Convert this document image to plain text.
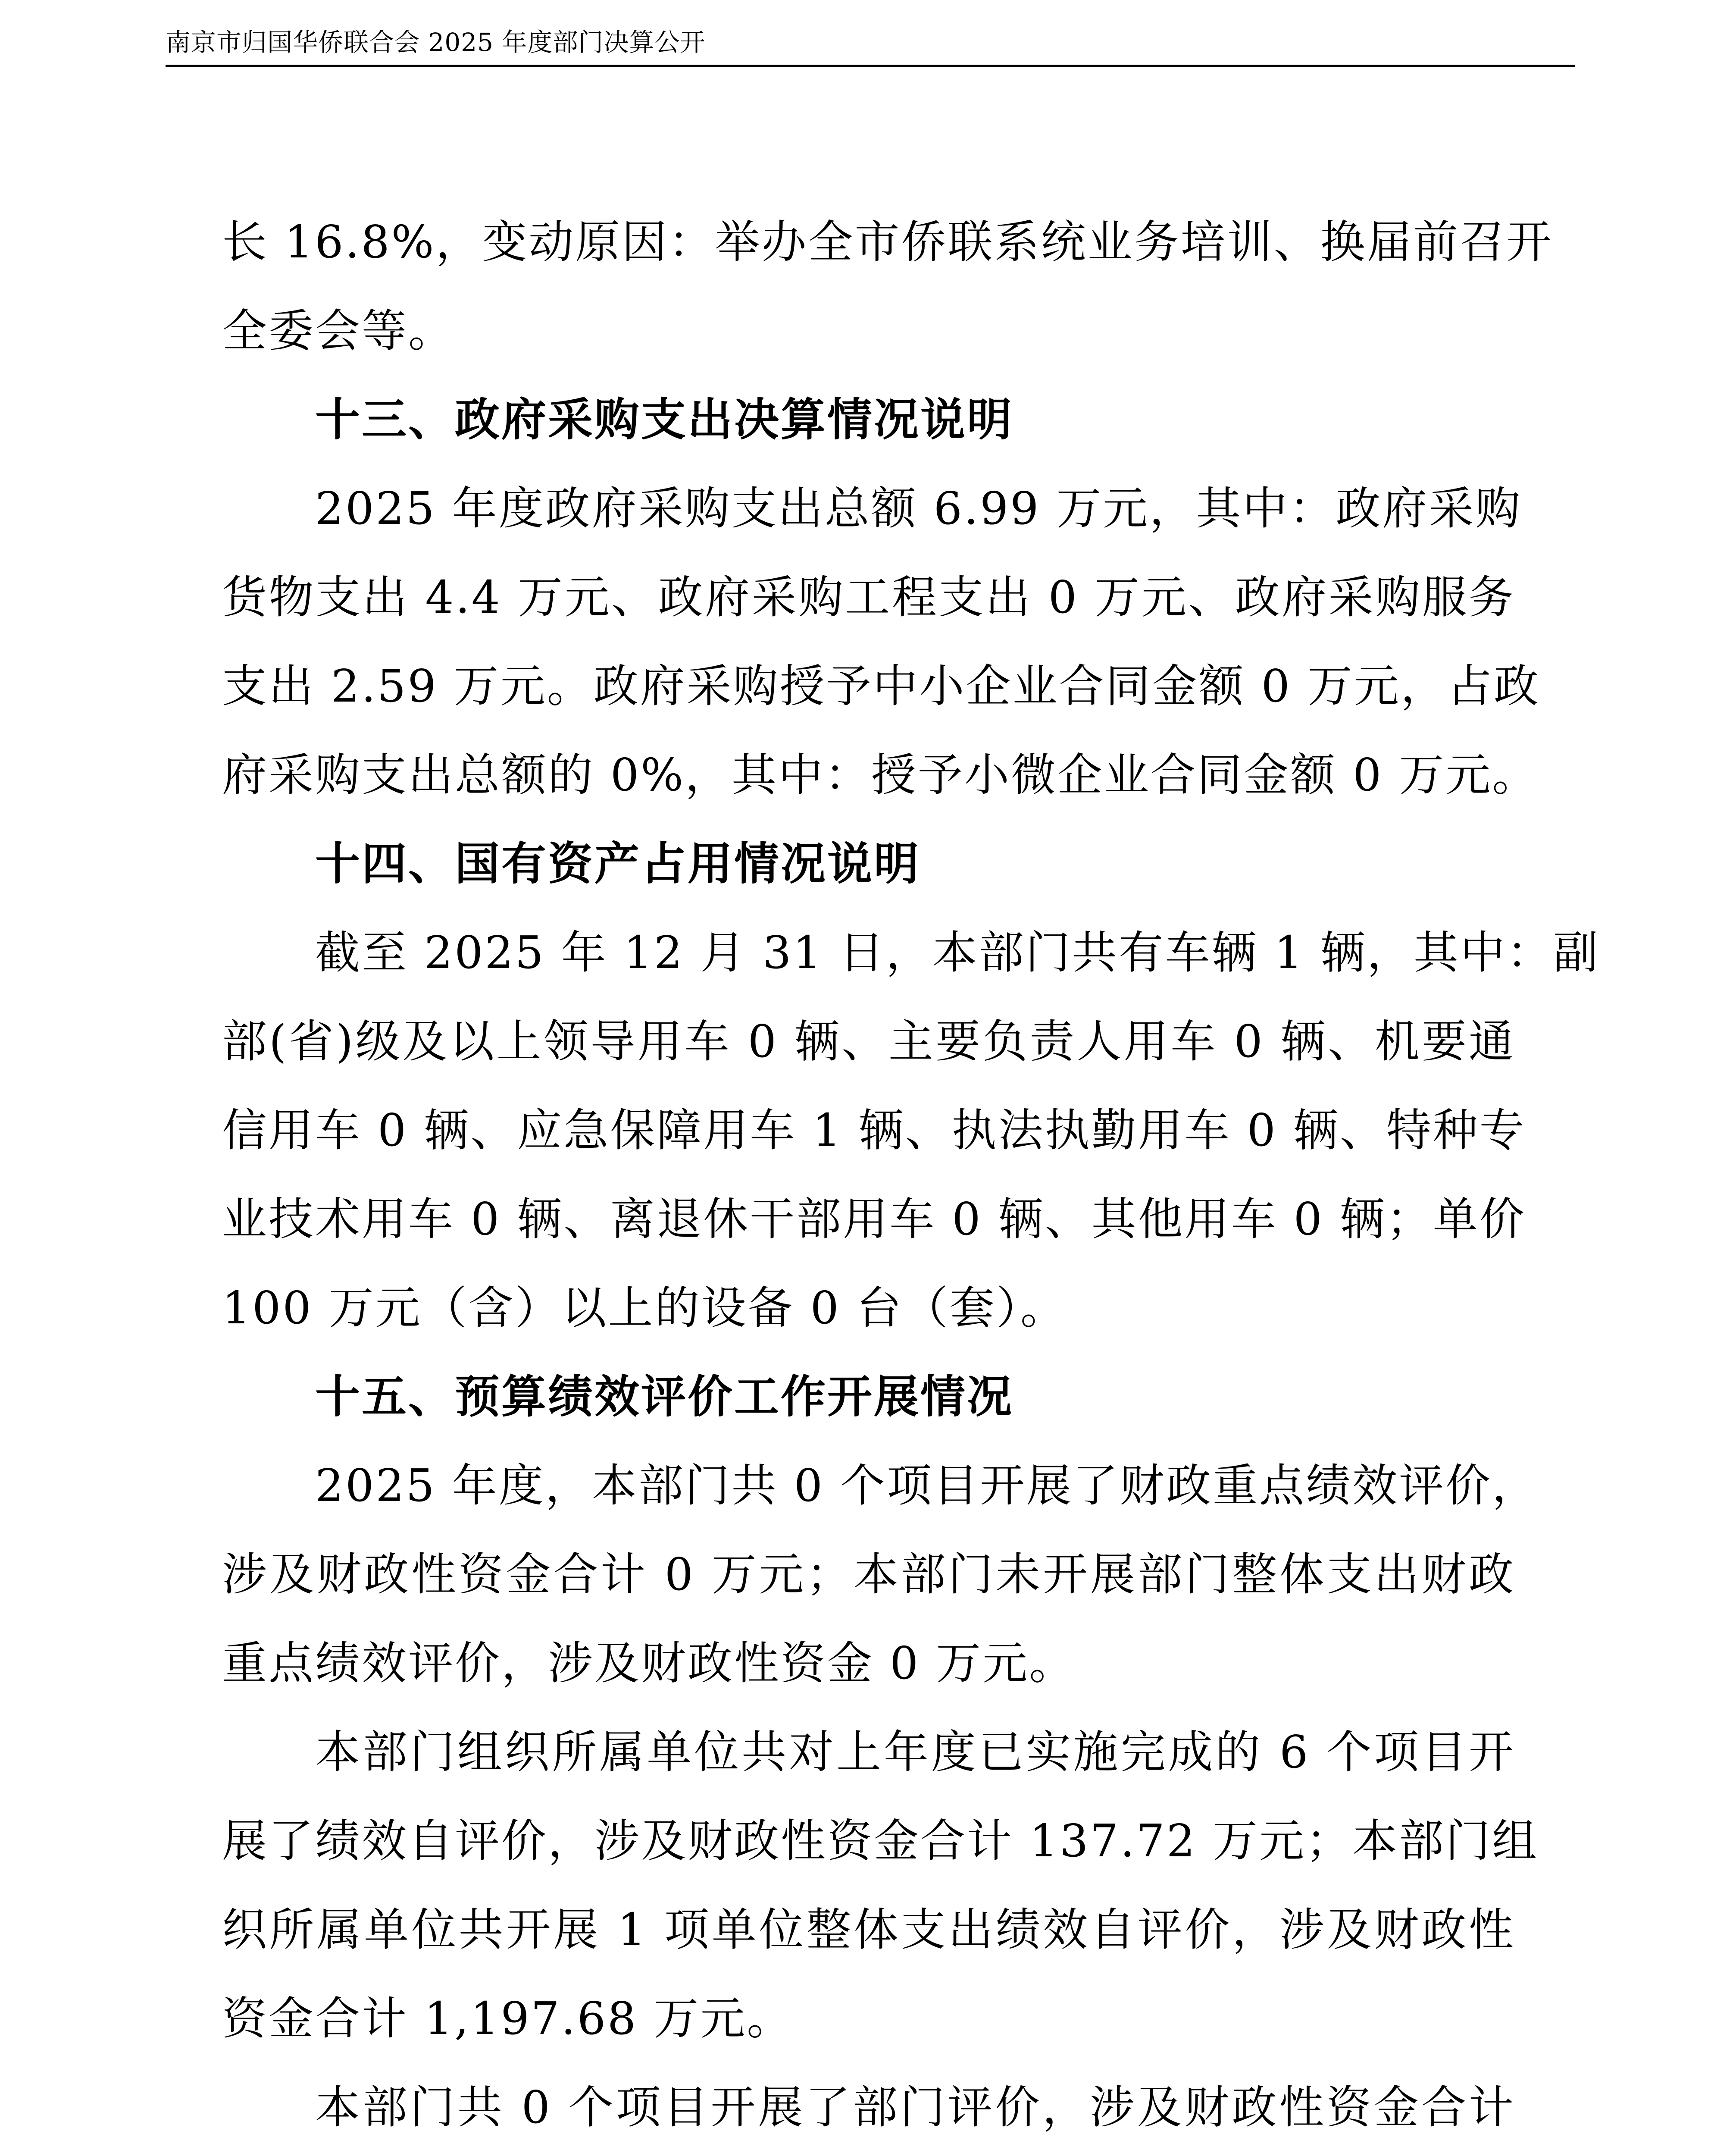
南京市归国华侨联合会 2025 年度部门决算公开
长 16.8%，变动原因：举办全市侨联系统业务培训、换届前召开
全委会等。
十三、政府采购支出决算情况说明
2025 年度政府采购支出总额 6.99 万元，其中：政府采购
货物支出 4.4 万元、政府采购工程支出 0 万元、政府采购服务
支出 2.59 万元。政府采购授予中小企业合同金额 0 万元，占政
府采购支出总额的 0%，其中：授予小微企业合同金额 0 万元。
十四、国有资产占用情况说明
截至 2025 年 12 月 31 日，本部门共有车辆 1 辆，其中：副
部(省)级及以上领导用车 0 辆、主要负责人用车 0 辆、机要通
信用车 0 辆、应急保障用车 1 辆、执法执勤用车 0 辆、特种专
业技术用车 0 辆、离退休干部用车 0 辆、其他用车 0 辆；单价
100 万元（含）以上的设备 0 台（套）。
十五、预算绩效评价工作开展情况
2025 年度，本部门共 0 个项目开展了财政重点绩效评价，
涉及财政性资金合计 0 万元；本部门未开展部门整体支出财政
重点绩效评价，涉及财政性资金 0 万元。
本部门组织所属单位共对上年度已实施完成的 6 个项目开
展了绩效自评价，涉及财政性资金合计 137.72 万元；本部门组
织所属单位共开展 1 项单位整体支出绩效自评价，涉及财政性
资金合计 1,197.68 万元。
本部门共 0 个项目开展了部门评价，涉及财政性资金合计
